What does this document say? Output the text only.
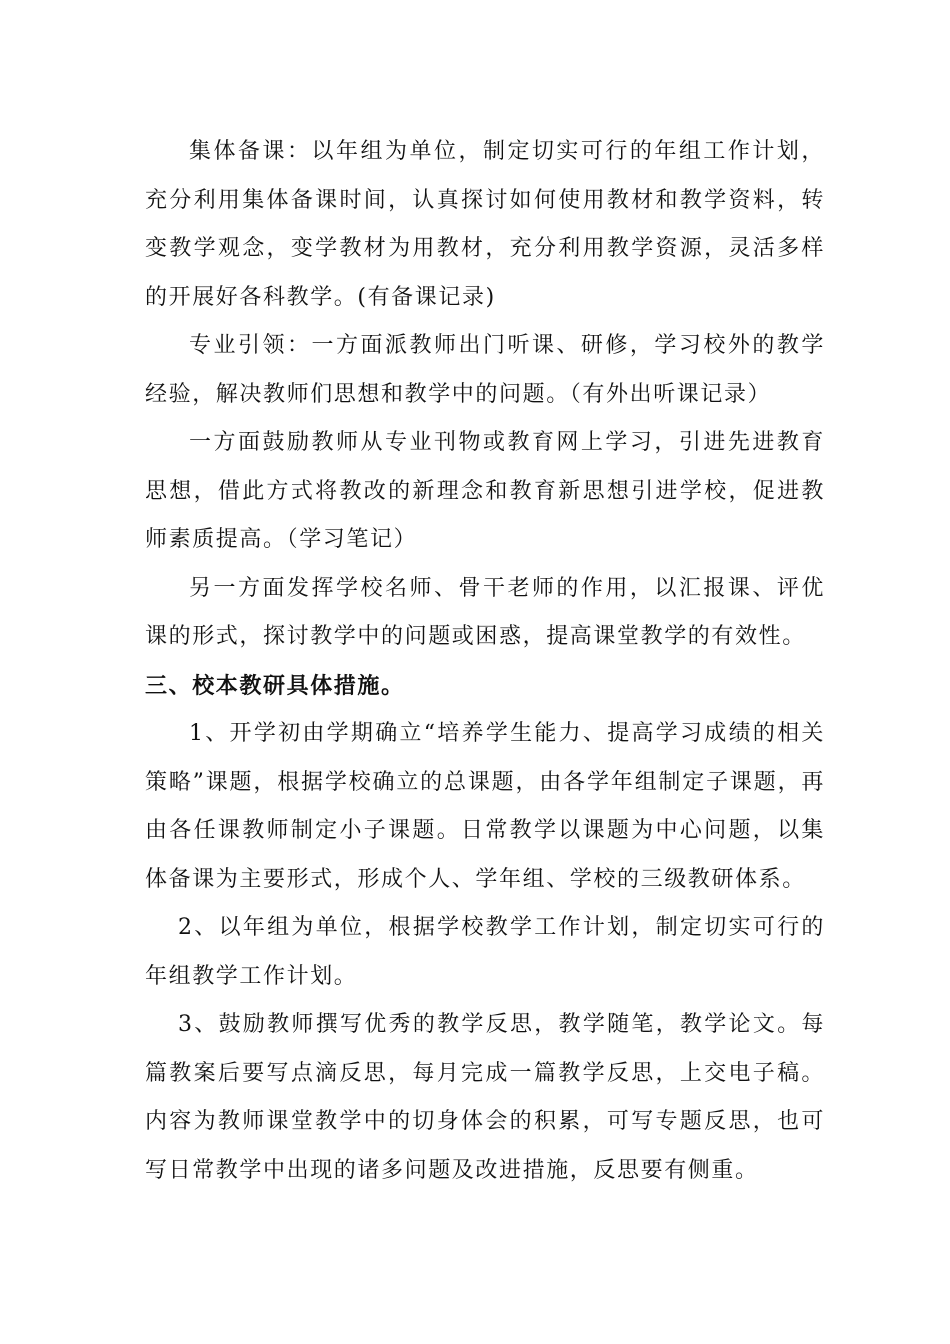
集体备课：以年组为单位，制定切实可行的年组工作计划，充分利用集体备课时间，认真探讨如何使用教材和教学资料，转变教学观念，变学教材为用教材，充分利用教学资源，灵活多样的开展好各科教学。(有备课记录)

专业引领：一方面派教师出门听课、研修，学习校外的教学经验，解决教师们思想和教学中的问题。（有外出听课记录）

一方面鼓励教师从专业刊物或教育网上学习，引进先进教育思想，借此方式将教改的新理念和教育新思想引进学校，促进教师素质提高。（学习笔记）

另一方面发挥学校名师、骨干老师的作用，以汇报课、评优课的形式，探讨教学中的问题或困惑，提高课堂教学的有效性。

三、校本教研具体措施。

1、开学初由学期确立“培养学生能力、提高学习成绩的相关策略”课题，根据学校确立的总课题，由各学年组制定子课题，再由各任课教师制定小子课题。日常教学以课题为中心问题，以集体备课为主要形式，形成个人、学年组、学校的三级教研体系。

2、以年组为单位，根据学校教学工作计划，制定切实可行的年组教学工作计划。

3、鼓励教师撰写优秀的教学反思，教学随笔，教学论文。每篇教案后要写点滴反思，每月完成一篇教学反思，上交电子稿。内容为教师课堂教学中的切身体会的积累，可写专题反思，也可写日常教学中出现的诸多问题及改进措施，反思要有侧重。
